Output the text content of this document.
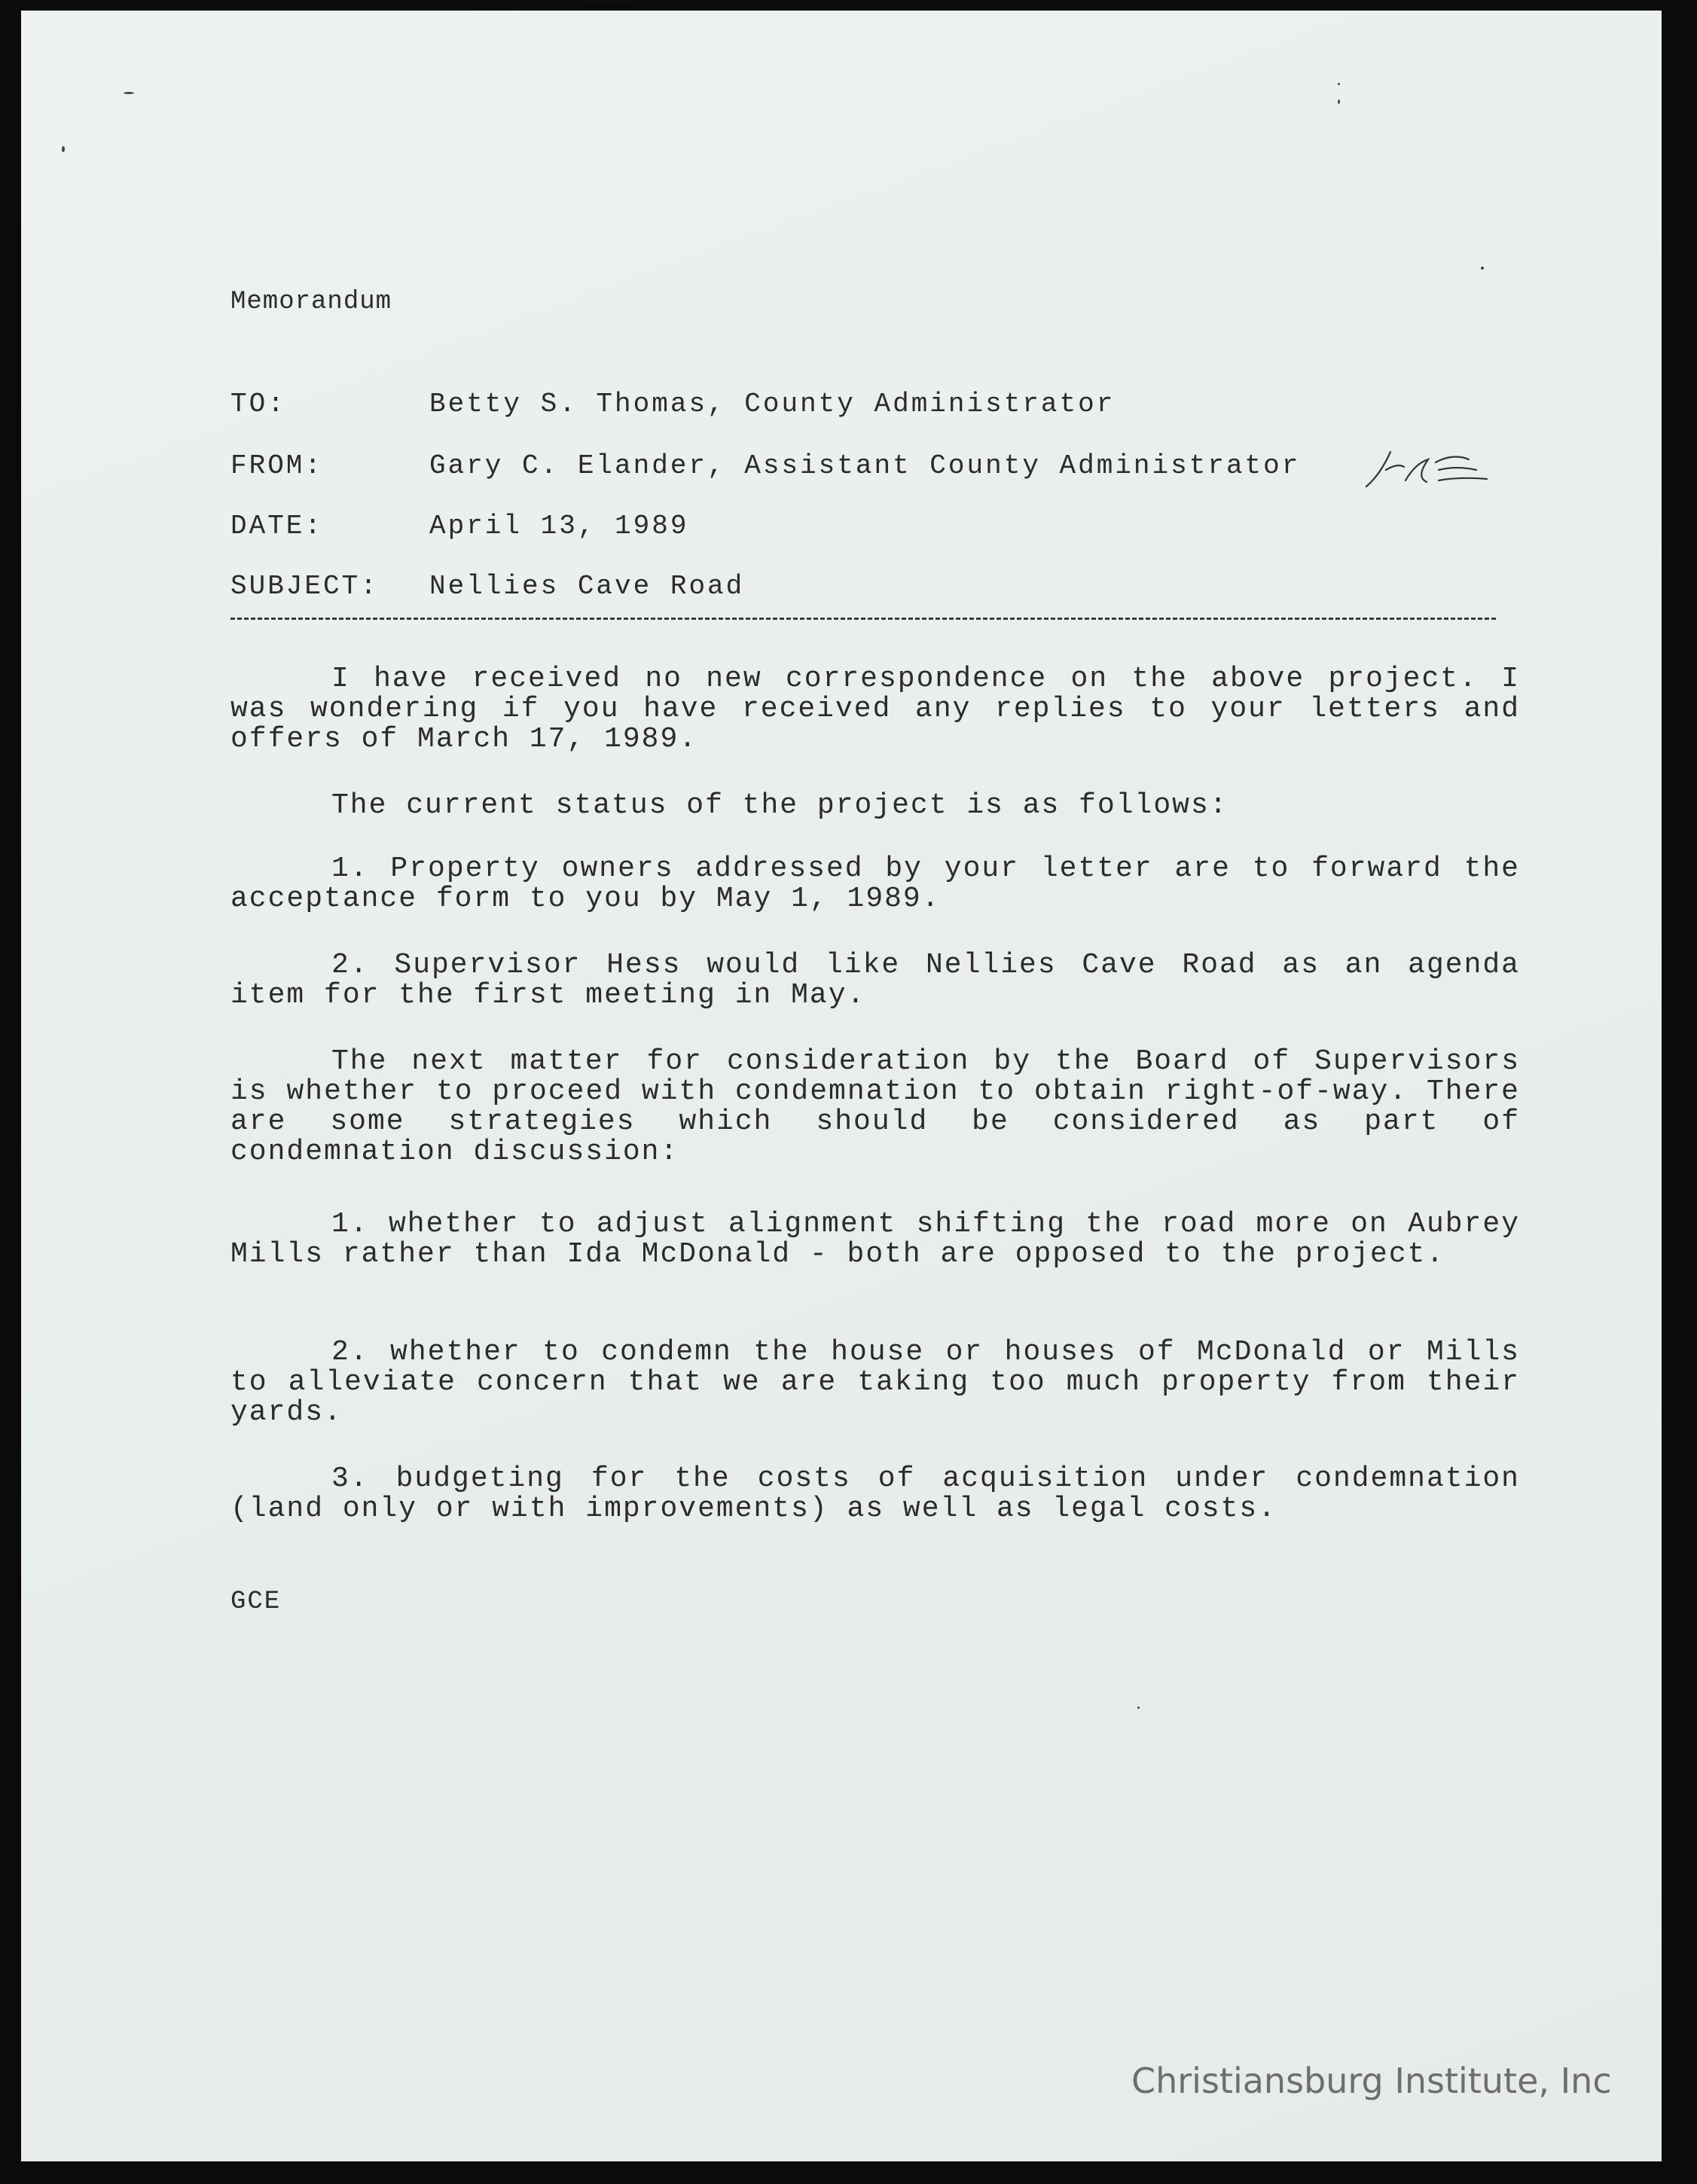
Memorandum
TO:	Betty S. Thomas, County Administrator
FROM:	Gary C. Elander, Assistant County Administrator
DATE:	April 13, 1989
SUBJECT: Nellies Cave Road
I have received no new correspondence on the above project. I was wondering if you have received any replies to your letters and offers of March 17, 1989.
The current status of the project is as follows:
1. Property owners addressed by your letter are to forward the acceptance form to you by May 1, 1989.
2. Supervisor Hess would like Nellies Cave Road as an agenda item for the first meeting in May.
The next matter for consideration by the Board of Supervisors is whether to proceed with condemnation to obtain right-of-way. There are some strategies which should be considered as part of condemnation discussion:
1. whether to adjust alignment shifting the road more on Aubrey Mills rather than Ida McDonald - both are opposed to the project.
2. whether to condemn the house or houses of McDonald or Mills to alleviate concern that we are taking too much property from their yards.
3. budgeting for the costs of acquisition under condemnation (land only or with improvements) as well as legal costs.
GCE
Christiansburg Institute, Inc
